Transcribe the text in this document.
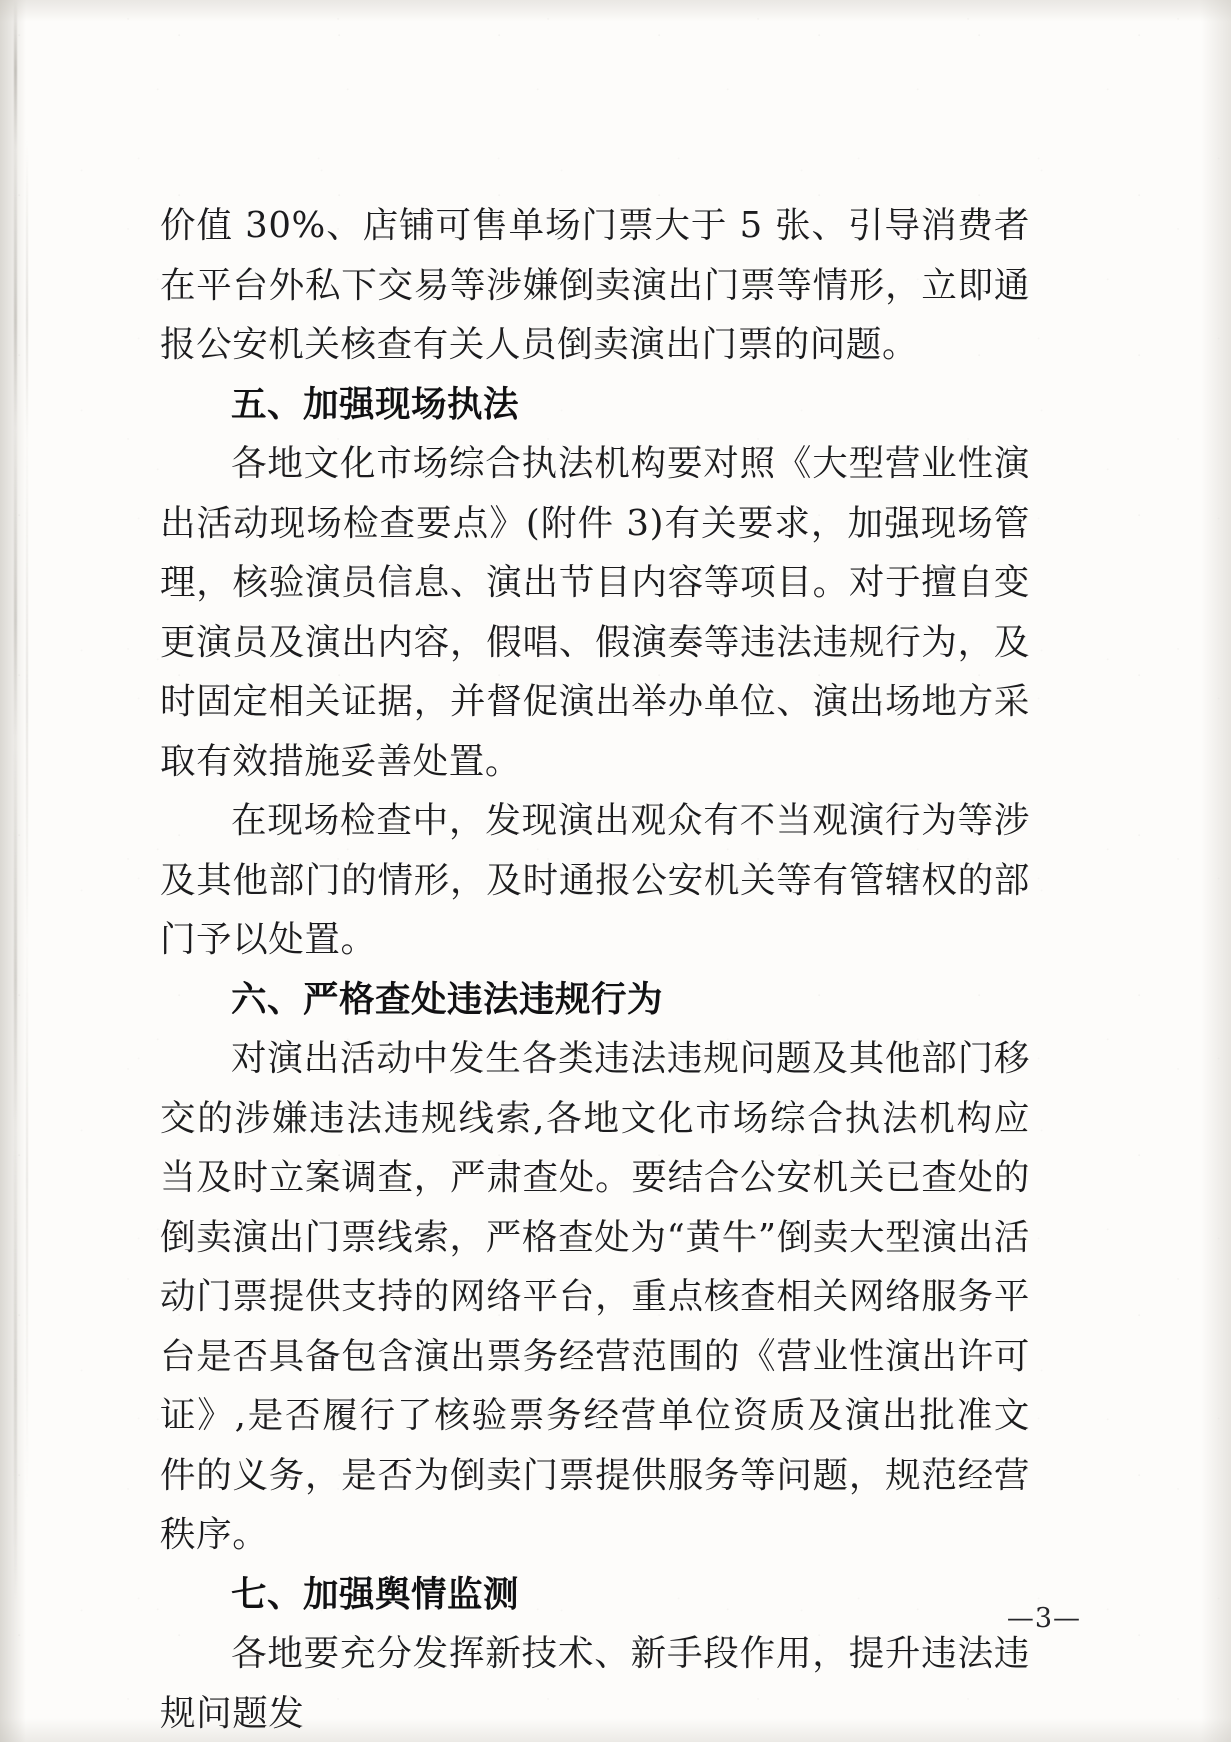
价值 30%、店铺可售单场门票大于 5 张、引导消费者在平台外私下交易等涉嫌倒卖演出门票等情形，立即通报公安机关核查有关人员倒卖演出门票的问题。

五、加强现场执法

各地文化市场综合执法机构要对照《大型营业性演出活动现场检查要点》(附件 3)有关要求，加强现场管理，核验演员信息、演出节目内容等项目。对于擅自变更演员及演出内容，假唱、假演奏等违法违规行为，及时固定相关证据，并督促演出举办单位、演出场地方采取有效措施妥善处置。

在现场检查中，发现演出观众有不当观演行为等涉及其他部门的情形，及时通报公安机关等有管辖权的部门予以处置。

六、严格查处违法违规行为

对演出活动中发生各类违法违规问题及其他部门移交的涉嫌违法违规线索,各地文化市场综合执法机构应当及时立案调查，严肃查处。要结合公安机关已查处的倒卖演出门票线索，严格查处为“黄牛”倒卖大型演出活动门票提供支持的网络平台，重点核查相关网络服务平台是否具备包含演出票务经营范围的《营业性演出许可证》,是否履行了核验票务经营单位资质及演出批准文件的义务，是否为倒卖门票提供服务等问题，规范经营秩序。

七、加强舆情监测

各地要充分发挥新技术、新手段作用，提升违法违规问题发

—3—
